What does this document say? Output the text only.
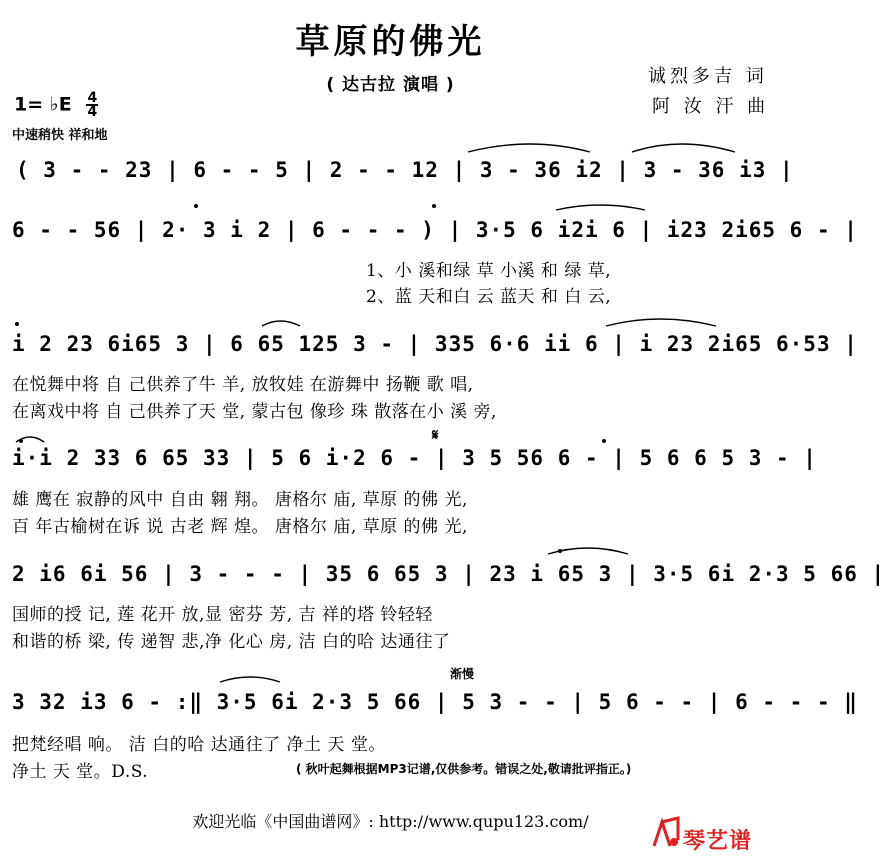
草原的佛光
( 达古拉 演唱 )	诚烈多吉 词
阿 汝 汗 曲
1= ♭E $\frac{4}{4}$
中速稍快 祥和地
( 3 - - 23 | 6 - - 5 | 2 - - 12 | 3 - 36 i2 | 3 - 36 i3 |
6 - - 56 | 2· 3 i 2 | 6 - - - ) | 3·5 6 i2i 6 | i23 2i65 6 - |
1、小 溪和绿 草 小溪 和 绿 草,
2、蓝 天和白 云 蓝天 和 白 云,
i 2 23 6i65 3 | 6 65 125 3 - | 335 6·6 ii 6 | i 23 2i65 6·53 |
在悦舞中将 自 己供养了牛 羊, 放牧娃 在游舞中 扬鞭 歌 唱,
在离戏中将 自 己供养了天 堂, 蒙古包 像珍 珠 散落在小 溪 旁,
𝄋
i·i 2 33 6 65 33 | 5 6 i·2 6 - | 3 5 56 6 - | 5 6 6 5 3 - |
雄 鹰在 寂静的风中 自由 翱 翔。 唐格尔 庙, 草原 的佛 光,
百 年古榆树在诉 说 古老 辉 煌。 唐格尔 庙, 草原 的佛 光,
2 i6 6i 56 | 3 - - - | 35 6 65 3 | 23 i 65 3 | 3·5 6i 2·3 5 66 |
国师的授 记, 莲 花开 放,显 密芬 芳, 吉 祥的塔 铃轻轻
和谐的桥 梁, 传 递智 悲,净 化心 房, 洁 白的哈 达通往了
渐慢
3 32 i3 6 - :‖ 3·5 6i 2·3 5 66 | 5 3 - - | 5 6 - - | 6 - - - ‖
把梵经唱 响。 洁 白的哈 达通往了 净土 天 堂。
净土 天 堂。D.S.	( 秋叶起舞根据MP3记谱,仅供参考。错误之处,敬请批评指正。)
欢迎光临《中国曲谱网》: http://www.qupu123.com/
琴艺谱
